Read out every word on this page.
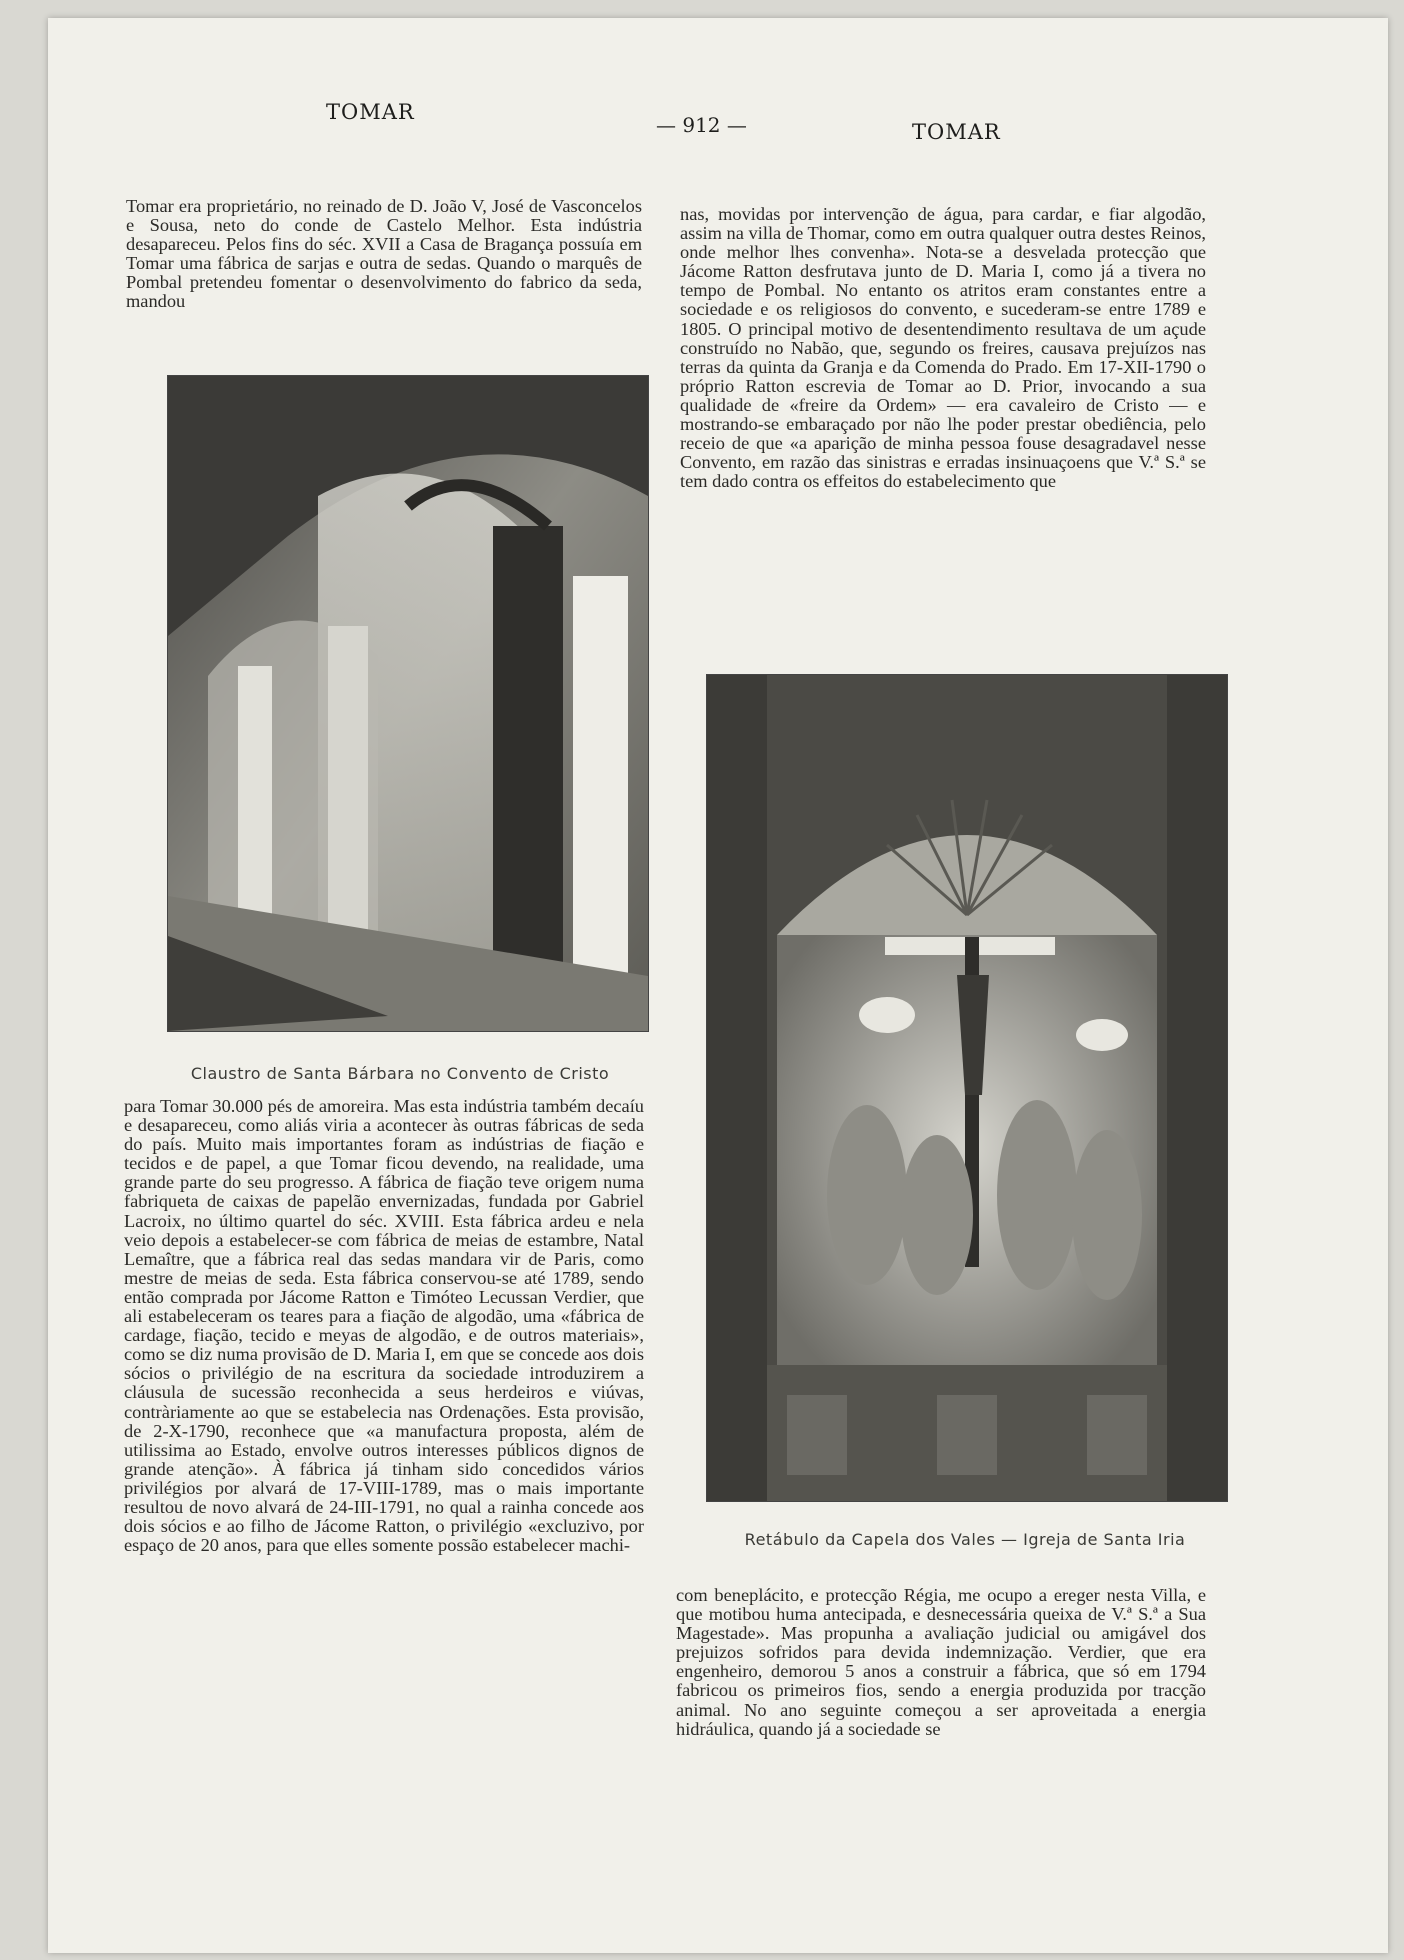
TOMAR
— 912 —	TOMAR

Tomar era proprietário, no reinado de D. João V, José de Vasconcelos e Sousa, neto do conde de Castelo Melhor. Esta indústria desapareceu. Pelos fins do séc. XVII a Casa de Bragança possuía em Tomar uma fábrica de sarjas e outra de sedas. Quando o marquês de Pombal pretendeu fomentar o desenvolvimento do fabrico da seda, mandou

Claustro de Santa Bárbara no Convento de Cristo

para Tomar 30.000 pés de amoreira. Mas esta indústria também decaíu e desapareceu, como aliás viria a acontecer às outras fábricas de seda do país. Muito mais importantes foram as indústrias de fiação e tecidos e de papel, a que Tomar ficou devendo, na realidade, uma grande parte do seu progresso. A fábrica de fiação teve origem numa fabriqueta de caixas de papelão envernizadas, fundada por Gabriel Lacroix, no último quartel do séc. XVIII. Esta fábrica ardeu e nela veio depois a estabelecer-se com fábrica de meias de estambre, Natal Lemaître, que a fábrica real das sedas mandara vir de Paris, como mestre de meias de seda. Esta fábrica conservou-se até 1789, sendo então comprada por Jácome Ratton e Timóteo Lecussan Verdier, que ali estabeleceram os teares para a fiação de algodão, uma «fábrica de cardage, fiação, tecido e meyas de algodão, e de outros materiais», como se diz numa provisão de D. Maria I, em que se concede aos dois sócios o privilégio de na escritura da sociedade introduzirem a cláusula de sucessão reconhecida a seus herdeiros e viúvas, contràriamente ao que se estabelecia nas Ordenações. Esta provisão, de 2-X-1790, reconhece que «a manufactura proposta, além de utilissima ao Estado, envolve outros interesses públicos dignos de grande atenção». À fábrica já tinham sido concedidos vários privilégios por alvará de 17-VIII-1789, mas o mais importante resultou de novo alvará de 24-III-1791, no qual a rainha concede aos dois sócios e ao filho de Jácome Ratton, o privilégio «excluzivo, por espaço de 20 anos, para que elles somente possão estabelecer machi-

nas, movidas por intervenção de água, para cardar, e fiar algodão, assim na villa de Thomar, como em outra qualquer outra destes Reinos, onde melhor lhes convenha». Nota-se a desvelada protecção que Jácome Ratton desfrutava junto de D. Maria I, como já a tivera no tempo de Pombal. No entanto os atritos eram constantes entre a sociedade e os religiosos do convento, e sucederam-se entre 1789 e 1805. O principal motivo de desentendimento resultava de um açude construído no Nabão, que, segundo os freires, causava prejuízos nas terras da quinta da Granja e da Comenda do Prado. Em 17-XII-1790 o próprio Ratton escrevia de Tomar ao D. Prior, invocando a sua qualidade de «freire da Ordem» — era cavaleiro de Cristo — e mostrando-se embaraçado por não lhe poder prestar obediência, pelo receio de que «a aparição de minha pessoa fouse desagradavel nesse Convento, em razão das sinistras e erradas insinuaçoens que V.ª S.ª se tem dado contra os effeitos do estabelecimento que

Retábulo da Capela dos Vales — Igreja de Santa Iria

com beneplácito, e protecção Régia, me ocupo a ereger nesta Villa, e que motibou huma antecipada, e desnecessária queixa de V.ª S.ª a Sua Magestade». Mas propunha a avaliação judicial ou amigável dos prejuizos sofridos para devida indemnização. Verdier, que era engenheiro, demorou 5 anos a construir a fábrica, que só em 1794 fabricou os primeiros fios, sendo a energia produzida por tracção animal. No ano seguinte começou a ser aproveitada a energia hidráulica, quando já a sociedade se
